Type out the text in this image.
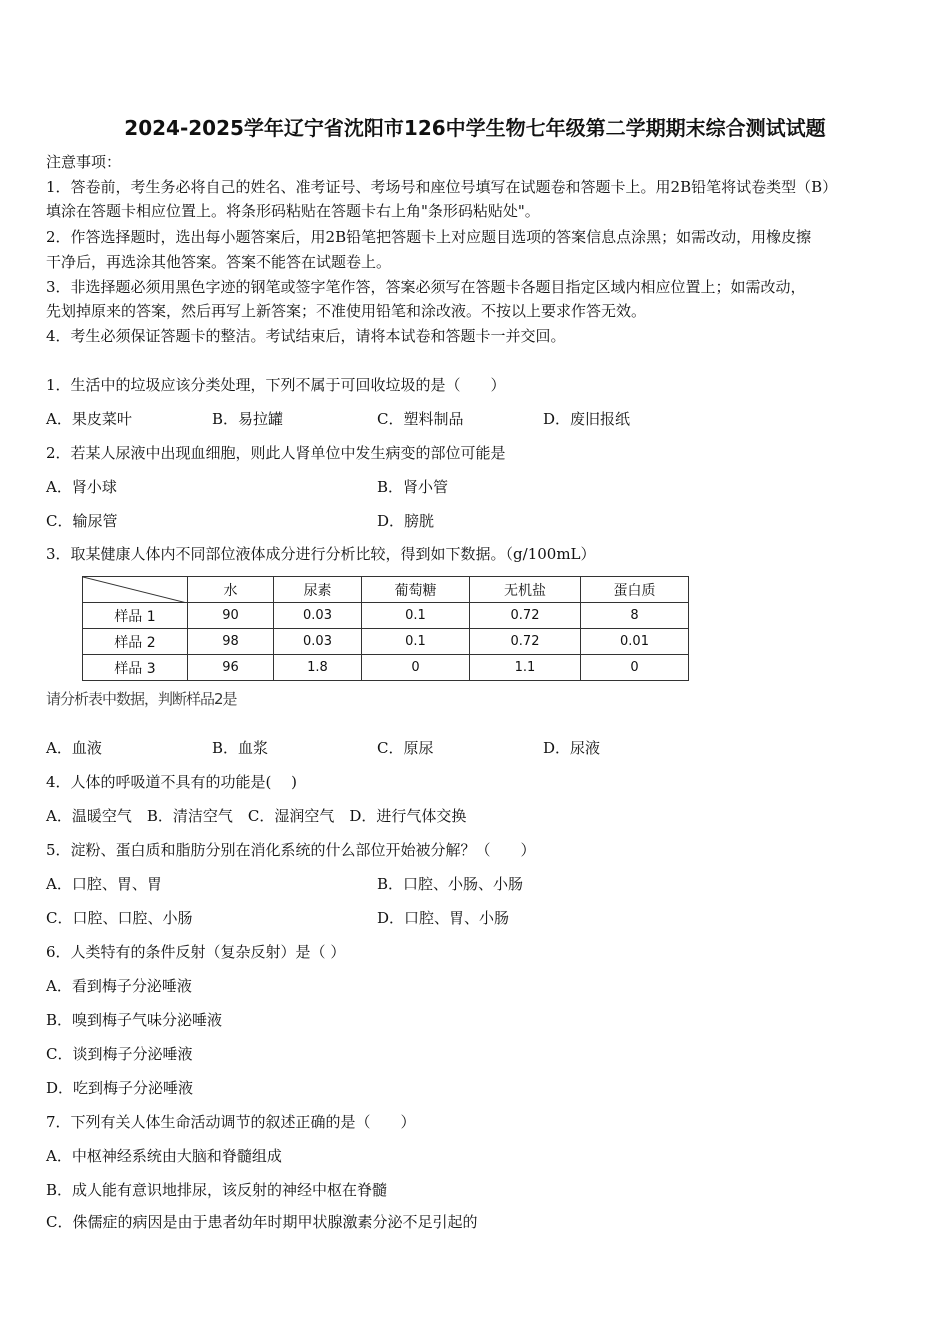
2024-2025学年辽宁省沈阳市126中学生物七年级第二学期期末综合测试试题
注意事项：
1．答卷前，考生务必将自己的姓名、准考证号、考场号和座位号填写在试题卷和答题卡上。用2B铅笔将试卷类型（B）
填涂在答题卡相应位置上。将条形码粘贴在答题卡右上角"条形码粘贴处"。
2．作答选择题时，选出每小题答案后，用2B铅笔把答题卡上对应题目选项的答案信息点涂黑；如需改动，用橡皮擦
干净后，再选涂其他答案。答案不能答在试题卷上。
3．非选择题必须用黑色字迹的钢笔或签字笔作答，答案必须写在答题卡各题目指定区域内相应位置上；如需改动，
先划掉原来的答案，然后再写上新答案；不准使用铅笔和涂改液。不按以上要求作答无效。
4．考生必须保证答题卡的整洁。考试结束后，请将本试卷和答题卡一并交回。
1．生活中的垃圾应该分类处理，下列不属于可回收垃圾的是（　　）
A．果皮菜叶	B．易拉罐	C．塑料制品	D．废旧报纸
2．若某人尿液中出现血细胞，则此人肾单位中发生病变的部位可能是
A．肾小球	B．肾小管
C．输尿管	D．膀胱
3．取某健康人体内不同部位液体成分进行分析比较，得到如下数据。（g/100mL）
	水	尿素	葡萄糖	无机盐	蛋白质
样品 1	90	0.03	0.1	0.72	8
样品 2	98	0.03	0.1	0.72	0.01
样品 3	96	1.8	0	1.1	0
请分析表中数据，判断样品2是
A．血液	B．血浆	C．原尿	D．尿液
4．人体的呼吸道不具有的功能是(　 )
A．温暖空气　B．清洁空气　C．湿润空气　D．进行气体交换
5．淀粉、蛋白质和脂肪分别在消化系统的什么部位开始被分解？（　　）
A．口腔、胃、胃	B．口腔、小肠、小肠
C．口腔、口腔、小肠	D．口腔、胃、小肠
6．人类特有的条件反射（复杂反射）是（ ）
A．看到梅子分泌唾液
B．嗅到梅子气味分泌唾液
C．谈到梅子分泌唾液
D．吃到梅子分泌唾液
7．下列有关人体生命活动调节的叙述正确的是（　　）
A．中枢神经系统由大脑和脊髓组成
B．成人能有意识地排尿，该反射的神经中枢在脊髓
C．侏儒症的病因是由于患者幼年时期甲状腺激素分泌不足引起的
